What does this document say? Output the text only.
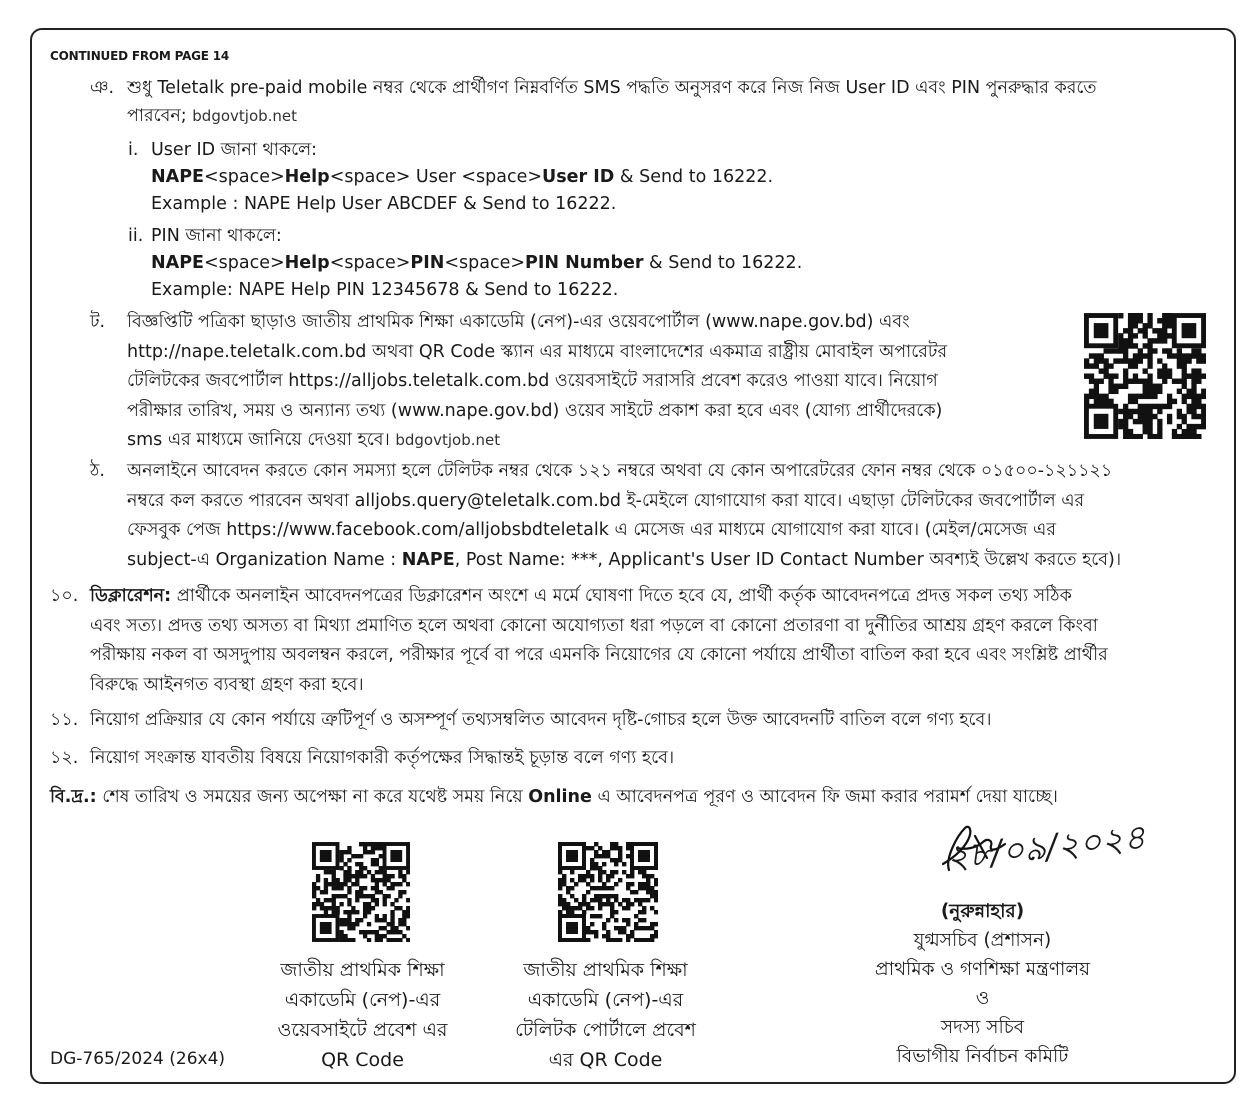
CONTINUED FROM PAGE 14
ঞ. শুধু Teletalk pre-paid mobile নম্বর থেকে প্রার্থীগণ নিম্নবর্ণিত SMS পদ্ধতি অনুসরণ করে নিজ নিজ User ID এবং PIN পুনরুদ্ধার করতে
পারবেন; bdgovtjob.net
i. User ID জানা থাকলে:
NAPE<space>Help<space> User <space>User ID & Send to 16222.
Example : NAPE Help User ABCDEF & Send to 16222.
ii. PIN জানা থাকলে:
NAPE<space>Help<space>PIN<space>PIN Number & Send to 16222.
Example: NAPE Help PIN 12345678 & Send to 16222.
ট. বিজ্ঞপ্তিটি পত্রিকা ছাড়াও জাতীয় প্রাথমিক শিক্ষা একাডেমি (নেপ)-এর ওয়েবপোর্টাল (www.nape.gov.bd) এবং
http://nape.teletalk.com.bd অথবা QR Code স্ক্যান এর মাধ্যমে বাংলাদেশের একমাত্র রাষ্ট্রীয় মোবাইল অপারেটর
টেলিটকের জবপোর্টাল https://alljobs.teletalk.com.bd ওয়েবসাইটে সরাসরি প্রবেশ করেও পাওয়া যাবে। নিয়োগ
পরীক্ষার তারিখ, সময় ও অন্যান্য তথ্য (www.nape.gov.bd) ওয়েব সাইটে প্রকাশ করা হবে এবং (যোগ্য প্রার্থীদেরকে)
sms এর মাধ্যমে জানিয়ে দেওয়া হবে। bdgovtjob.net
ঠ. অনলাইনে আবেদন করতে কোন সমস্যা হলে টেলিটক নম্বর থেকে ১২১ নম্বরে অথবা যে কোন অপারেটরের ফোন নম্বর থেকে ০১৫০০-১২১১২১
নম্বরে কল করতে পারবেন অথবা alljobs.query@teletalk.com.bd ই-মেইলে যোগাযোগ করা যাবে। এছাড়া টেলিটকের জবপোর্টাল এর
ফেসবুক পেজ https://www.facebook.com/alljobsbdteletalk এ মেসেজ এর মাধ্যমে যোগাযোগ করা যাবে। (মেইল/মেসেজ এর
subject-এ Organization Name : NAPE, Post Name: ***, Applicant's User ID Contact Number অবশ্যই উল্লেখ করতে হবে)।
১০. ডিক্লারেশন: প্রার্থীকে অনলাইন আবেদনপত্রের ডিক্লারেশন অংশে এ মর্মে ঘোষণা দিতে হবে যে, প্রার্থী কর্তৃক আবেদনপত্রে প্রদত্ত সকল তথ্য সঠিক
এবং সত্য। প্রদত্ত তথ্য অসত্য বা মিথ্যা প্রমাণিত হলে অথবা কোনো অযোগ্যতা ধরা পড়লে বা কোনো প্রতারণা বা দুর্নীতির আশ্রয় গ্রহণ করলে কিংবা
পরীক্ষায় নকল বা অসদুপায় অবলম্বন করলে, পরীক্ষার পূর্বে বা পরে এমনকি নিয়োগের যে কোনো পর্যায়ে প্রার্থীতা বাতিল করা হবে এবং সংশ্লিষ্ট প্রার্থীর
বিরুদ্ধে আইনগত ব্যবস্থা গ্রহণ করা হবে।
১১. নিয়োগ প্রক্রিয়ার যে কোন পর্যায়ে ত্রুটিপূর্ণ ও অসম্পূর্ণ তথ্যসম্বলিত আবেদন দৃষ্টি-গোচর হলে উক্ত আবেদনটি বাতিল বলে গণ্য হবে।
১২. নিয়োগ সংক্রান্ত যাবতীয় বিষয়ে নিয়োগকারী কর্তৃপক্ষের সিদ্ধান্তই চূড়ান্ত বলে গণ্য হবে।
বি.দ্র.: শেষ তারিখ ও সময়ের জন্য অপেক্ষা না করে যথেষ্ট সময় নিয়ে Online এ আবেদনপত্র পূরণ ও আবেদন ফি জমা করার পরামর্শ দেয়া যাচ্ছে।
জাতীয় প্রাথমিক শিক্ষা
একাডেমি (নেপ)-এর
ওয়েবসাইটে প্রবেশ এর
QR Code
জাতীয় প্রাথমিক শিক্ষা
একাডেমি (নেপ)-এর
টেলিটক পোর্টালে প্রবেশ
এর QR Code
২৮/০৯/২০২৪
(নুরুন্নাহার)
যুগ্মসচিব (প্রশাসন)
প্রাথমিক ও গণশিক্ষা মন্ত্রণালয়
ও
সদস্য সচিব
বিভাগীয় নির্বাচন কমিটি
DG-765/2024 (26x4)
